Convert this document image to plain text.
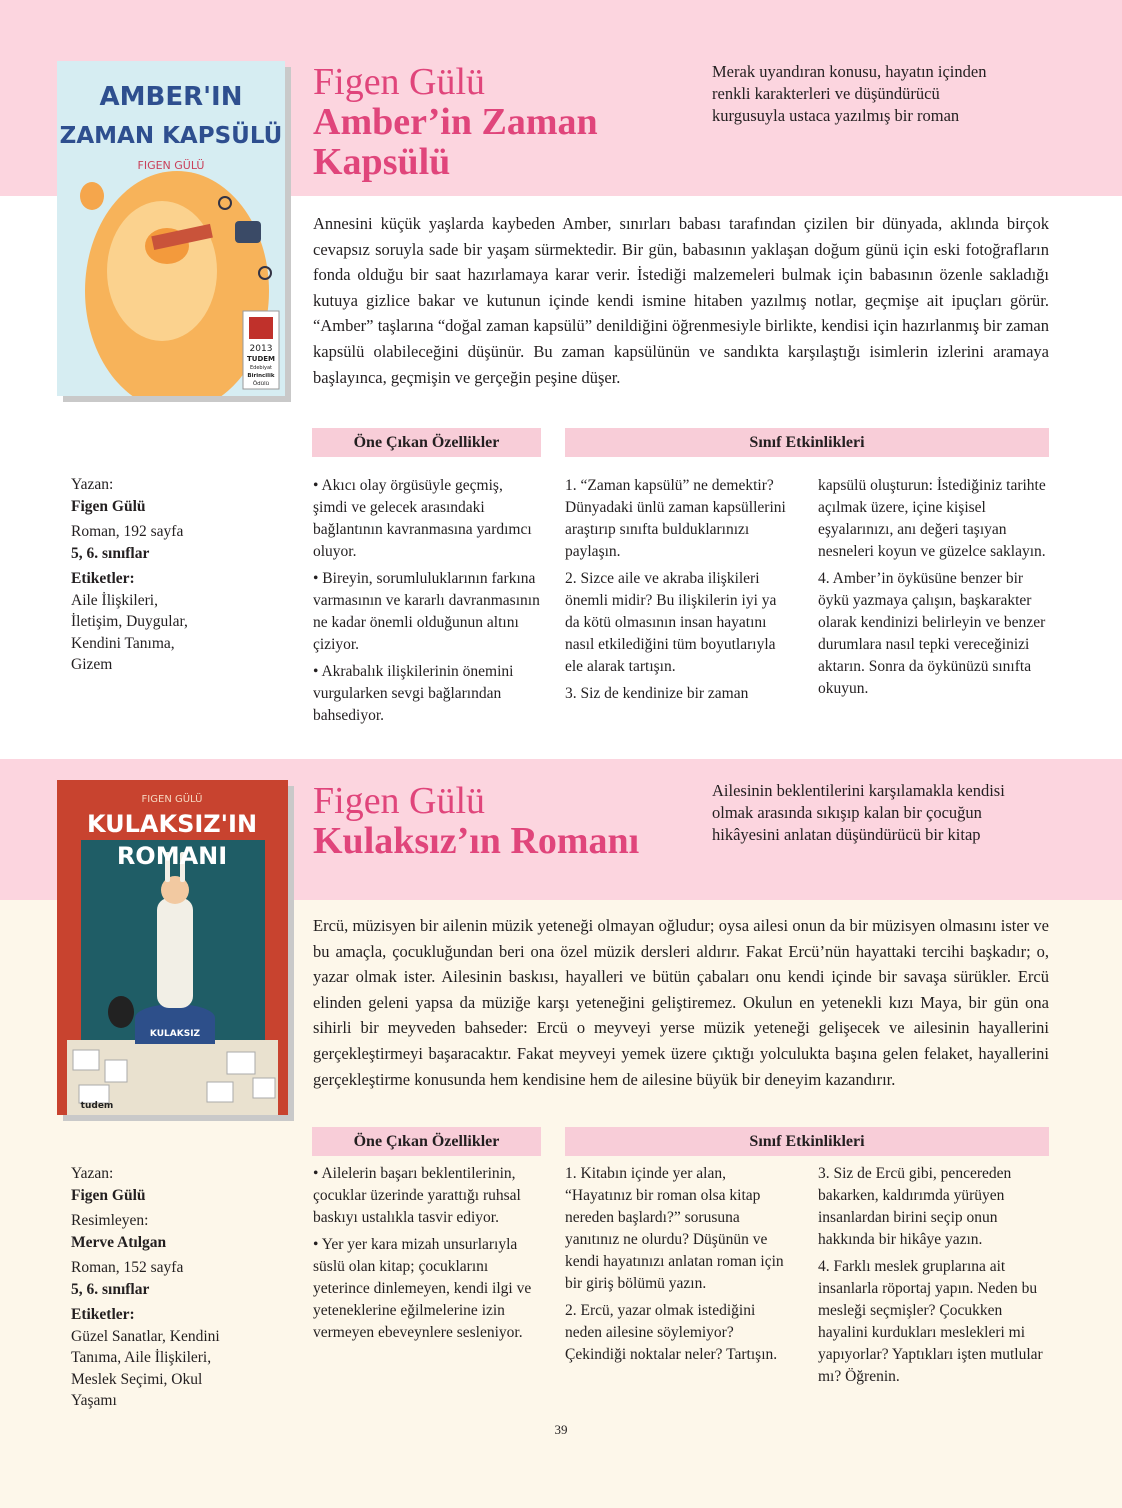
AMBER'IN
ZAMAN KAPSÜLÜ
FIGEN GÜLÜ
2013
TUDEM
Edebiyat
Birincilik
Ödülü
Figen Gülü
Amber’in Zaman
Kapsülü
Merak uyandıran konusu, hayatın içinden
renkli karakterleri ve düşündürücü
kurgusuyla ustaca yazılmış bir roman

Annesini küçük yaşlarda kaybeden Amber, sınırları babası tarafından çizilen bir dünyada, aklında birçok cevapsız soruyla sade bir yaşam sürmektedir. Bir gün, babasının yaklaşan doğum günü için eski fotoğrafların fonda olduğu bir saat hazırlamaya karar verir. İstediği malzemeleri bulmak için babasının özenle sakladığı kutuya gizlice bakar ve kutunun içinde kendi ismine hitaben yazılmış notlar, geçmişe ait ipuçları görür. “Amber” taşlarına “doğal zaman kapsülü” denildiğini öğrenmesiyle birlikte, kendisi için hazırlanmış bir zaman kapsülü olabileceğini düşünür. Bu zaman kapsülünün ve sandıkta karşılaştığı isimlerin izlerini aramaya başlayınca, geçmişin ve gerçeğin peşine düşer.

Öne Çıkan Özellikler	Sınıf Etkinlikleri
Yazan:
Figen Gülü
Roman, 192 sayfa
5, 6. sınıflar
Etiketler:
Aile İlişkileri,
İletişim, Duygular,
Kendini Tanıma,
Gizem

• Akıcı olay örgüsüyle geçmiş, şimdi ve gelecek arasındaki bağlantının kavranmasına yardımcı oluyor.

• Bireyin, sorumluluklarının farkına varmasının ve kararlı davranmasının ne kadar önemli olduğunun altını çiziyor.

• Akrabalık ilişkilerinin önemini vurgularken sevgi bağlarından bahsediyor.

1. “Zaman kapsülü” ne demektir? Dünyadaki ünlü zaman kapsüllerini araştırıp sınıfta bulduklarınızı paylaşın.

2. Sizce aile ve akraba ilişkileri önemli midir? Bu ilişkilerin iyi ya da kötü olmasının insan hayatını nasıl etkilediğini tüm boyutlarıyla ele alarak tartışın.

3. Siz de kendinize bir zaman

kapsülü oluşturun: İstediğiniz tarihte açılmak üzere, içine kişisel eşyalarınızı, anı değeri taşıyan nesneleri koyun ve güzelce saklayın.

4. Amber’in öyküsüne benzer bir öykü yazmaya çalışın, başkarakter olarak kendinizi belirleyin ve benzer durumlara nasıl tepki vereceğinizi aktarın. Sonra da öykünüzü sınıfta okuyun.

KULAKSIZ
FIGEN GÜLÜ
KULAKSIZ'IN
ROMANI
tudem
Figen Gülü
Kulaksız’ın Romanı
Ailesinin beklentilerini karşılamakla kendisi
olmak arasında sıkışıp kalan bir çocuğun
hikâyesini anlatan düşündürücü bir kitap

Ercü, müzisyen bir ailenin müzik yeteneği olmayan oğludur; oysa ailesi onun da bir müzisyen olmasını ister ve bu amaçla, çocukluğundan beri ona özel müzik dersleri aldırır. Fakat Ercü’nün hayattaki tercihi başkadır; o, yazar olmak ister. Ailesinin baskısı, hayalleri ve bütün çabaları onu kendi içinde bir savaşa sürükler. Ercü elinden geleni yapsa da müziğe karşı yeteneğini geliştiremez. Okulun en yetenekli kızı Maya, bir gün ona sihirli bir meyveden bahseder: Ercü o meyveyi yerse müzik yeteneği gelişecek ve ailesinin hayallerini gerçekleştirmeyi başaracaktır. Fakat meyveyi yemek üzere çıktığı yolculukta başına gelen felaket, hayallerini gerçekleştirme konusunda hem kendisine hem de ailesine büyük bir deneyim kazandırır.

Öne Çıkan Özellikler	Sınıf Etkinlikleri
Yazan:
Figen Gülü
Resimleyen:
Merve Atılgan
Roman, 152 sayfa
5, 6. sınıflar
Etiketler:
Güzel Sanatlar, Kendini
Tanıma, Aile İlişkileri,
Meslek Seçimi, Okul
Yaşamı

• Ailelerin başarı beklentilerinin, çocuklar üzerinde yarattığı ruhsal baskıyı ustalıkla tasvir ediyor.

• Yer yer kara mizah unsurlarıyla süslü olan kitap; çocuklarını yeterince dinlemeyen, kendi ilgi ve yeteneklerine eğilmelerine izin vermeyen ebeveynlere sesleniyor.

1. Kitabın içinde yer alan, “Hayatınız bir roman olsa kitap nereden başlardı?” sorusuna yanıtınız ne olurdu? Düşünün ve kendi hayatınızı anlatan roman için bir giriş bölümü yazın.

2. Ercü, yazar olmak istediğini neden ailesine söylemiyor? Çekindiği noktalar neler? Tartışın.

3. Siz de Ercü gibi, pencereden bakarken, kaldırımda yürüyen insanlardan birini seçip onun hakkında bir hikâye yazın.

4. Farklı meslek gruplarına ait insanlarla röportaj yapın. Neden bu mesleği seçmişler? Çocukken hayalini kurdukları meslekleri mi yapıyorlar? Yaptıkları işten mutlular mı? Öğrenin.

39
